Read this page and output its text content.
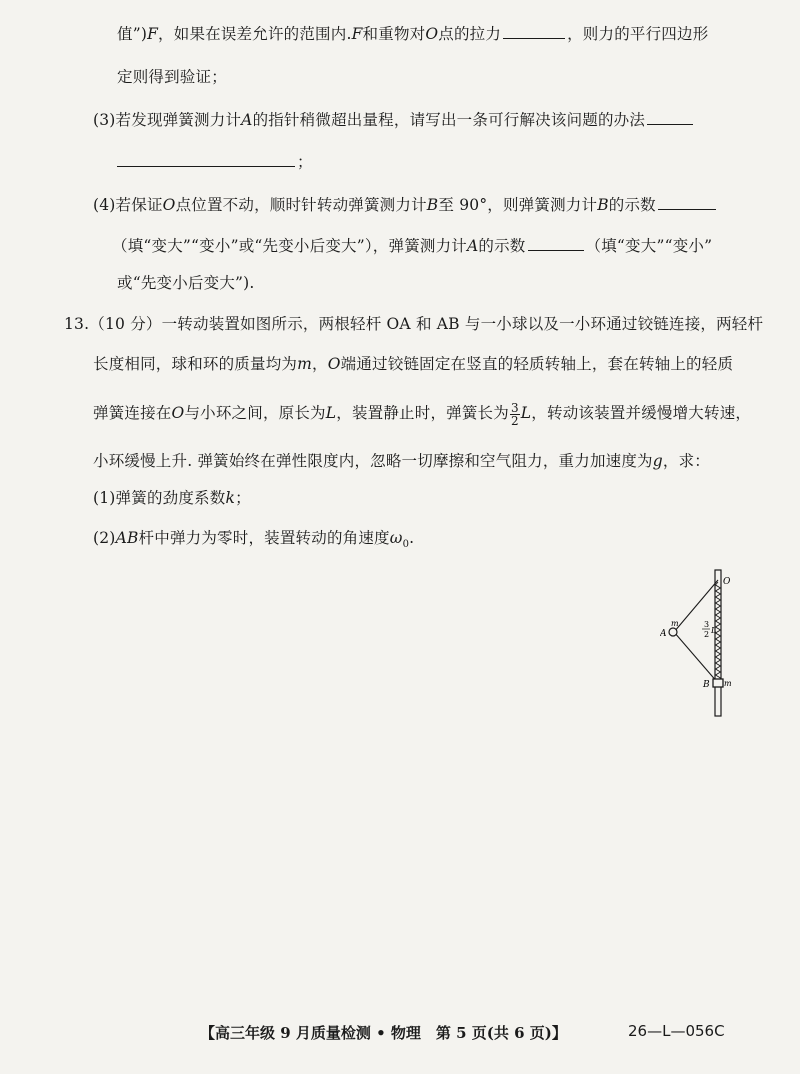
值”)F，如果在误差允许的范围内.F和重物对O点的拉力	，则力的平行四边形
定则得到验证；
(3)若发现弹簧测力计A的指针稍微超出量程，请写出一条可行解决该问题的办法
；
(4)若保证O点位置不动，顺时针转动弹簧测力计B至 90°，则弹簧测力计B的示数
（填“变大”“变小”或“先变小后变大”），弹簧测力计A的示数	（填“变大”“变小”
或“先变小后变大”).
13.（10 分）一转动装置如图所示，两根轻杆 OA 和 AB 与一小球以及一小环通过铰链连接，两轻杆
长度相同，球和环的质量均为m，O端通过铰链固定在竖直的轻质转轴上，套在转轴上的轻质
弹簧连接在O与小环之间，原长为L，装置静止时，弹簧长为 $\frac{3}{2}$ L，转动该装置并缓慢增大转速，
小环缓慢上升. 弹簧始终在弹性限度内，忽略一切摩擦和空气阻力，重力加速度为g，求：
(1)弹簧的劲度系数k；
(2)AB杆中弹力为零时，装置转动的角速度$\omega_0$.
O
A
m
B m
3
2 L
【高三年级 9 月质量检测 • 物理　第 5 页(共 6 页)】	26—L—056C
